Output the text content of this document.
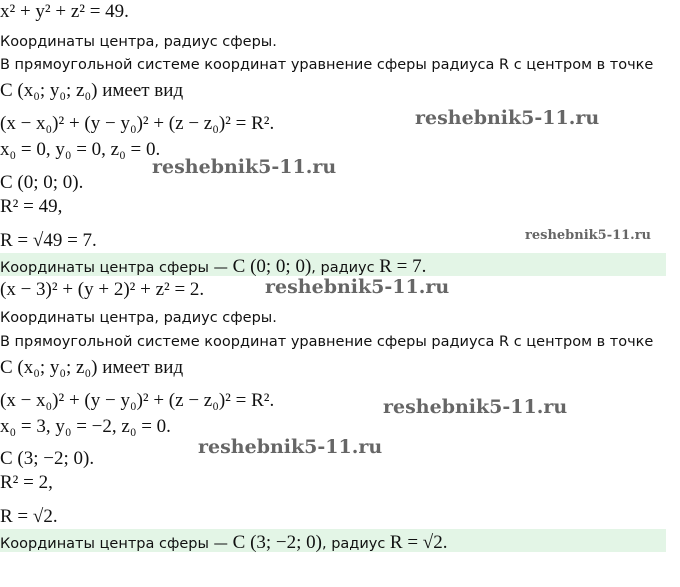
x² + y² + z² = 49.
Координаты центра, радиус сферы.
В прямоугольной системе координат уравнение сферы радиуса R с центром в точке
C (x₀; y₀; z₀) имеет вид
(x − x₀)² + (y − y₀)² + (z − z₀)² = R².
x₀ = 0, y₀ = 0, z₀ = 0.
C (0; 0; 0).
R² = 49,
R = √49 = 7.
Координаты центра сферы — C (0; 0; 0), радиус R = 7.
(x − 3)² + (y + 2)² + z² = 2.
Координаты центра, радиус сферы.
В прямоугольной системе координат уравнение сферы радиуса R с центром в точке
C (x₀; y₀; z₀) имеет вид
(x − x₀)² + (y − y₀)² + (z − z₀)² = R².
x₀ = 3, y₀ = −2, z₀ = 0.
C (3; −2; 0).
R² = 2,
R = √2.
Координаты центра сферы — C (3; −2; 0), радиус R = √2.
reshebnik5-11.ru
reshebnik5-11.ru
reshebnik5-11.ru
reshebnik5-11.ru
reshebnik5-11.ru
reshebnik5-11.ru
